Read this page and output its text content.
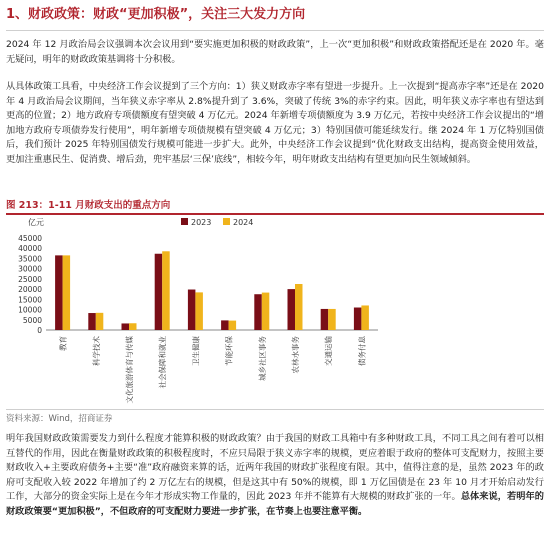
1、财政政策：财政“更加积极”，关注三大发力方向
2024 年 12 月政治局会议强调本次会议用到“要实施更加积极的财政政策”，上一次“更加积极”和财政政策搭配还是在 2020 年。毫无疑问，明年的财政政策基调将十分积极。
从具体政策工具看，中央经济工作会议提到了三个方向：1）狭义财政赤字率有望进一步提升。上一次提到“提高赤字率”还是在 2020 年 4 月政治局会议期间，当年狭义赤字率从 2.8%提升到了 3.6%，突破了传统 3%的赤字约束。因此，明年狭义赤字率也有望达到更高的位置；2）地方政府专项债额度有望突破 4 万亿元。2024 年新增专项债额度为 3.9 万亿元，若按中央经济工作会议提出的“增加地方政府专项债券发行使用”，明年新增专项债规模有望突破 4 万亿元；3）特别国债可能延续发行。继 2024 年 1 万亿特别国债后，我们预计 2025 年特别国债发行规模可能进一步扩大。此外，中央经济工作会议提到“优化财政支出结构，提高资金使用效益，更加注重惠民生、促消费、增后劲，兜牢基层‘三保’底线”，相较今年，明年财政支出结构有望更加向民生领域倾斜。
图 213：1-11 月财政支出的重点方向
亿元	2023	2024
0
5000
10000
15000
20000
25000
30000
35000
40000
45000
教育	科学技术	文化旅游体育与传媒	社会保障和就业	卫生健康	节能环保	城乡社区事务	农林水事务	交通运输	债务付息
资料来源：Wind，招商证券
明年我国财政政策需要发力到什么程度才能算积极的财政政策？由于我国的财政工具箱中有多种财政工具，不同工具之间有着可以相互替代的作用，因此在衡量财政政策的积极程度时，不应只局限于狭义赤字率的规模，更应着眼于政府的整体可支配财力，按照主要财政收入+主要政府债务+主要“准”政府融资来算的话，近两年我国的财政扩张程度有限。其中，值得注意的是，虽然 2023 年的政府可支配收入较 2022 年增加了约 2 万亿左右的规模，但是这其中有 50%的规模，即 1 万亿国债是在 23 年 10 月才开始启动发行工作，大部分的资金实际上是在今年才形成实物工作量的，因此 2023 年并不能算有大规模的财政扩张的一年。总体来说，若明年的财政政策要“更加积极”，不但政府的可支配财力要进一步扩张，在节奏上也要注意平衡。
